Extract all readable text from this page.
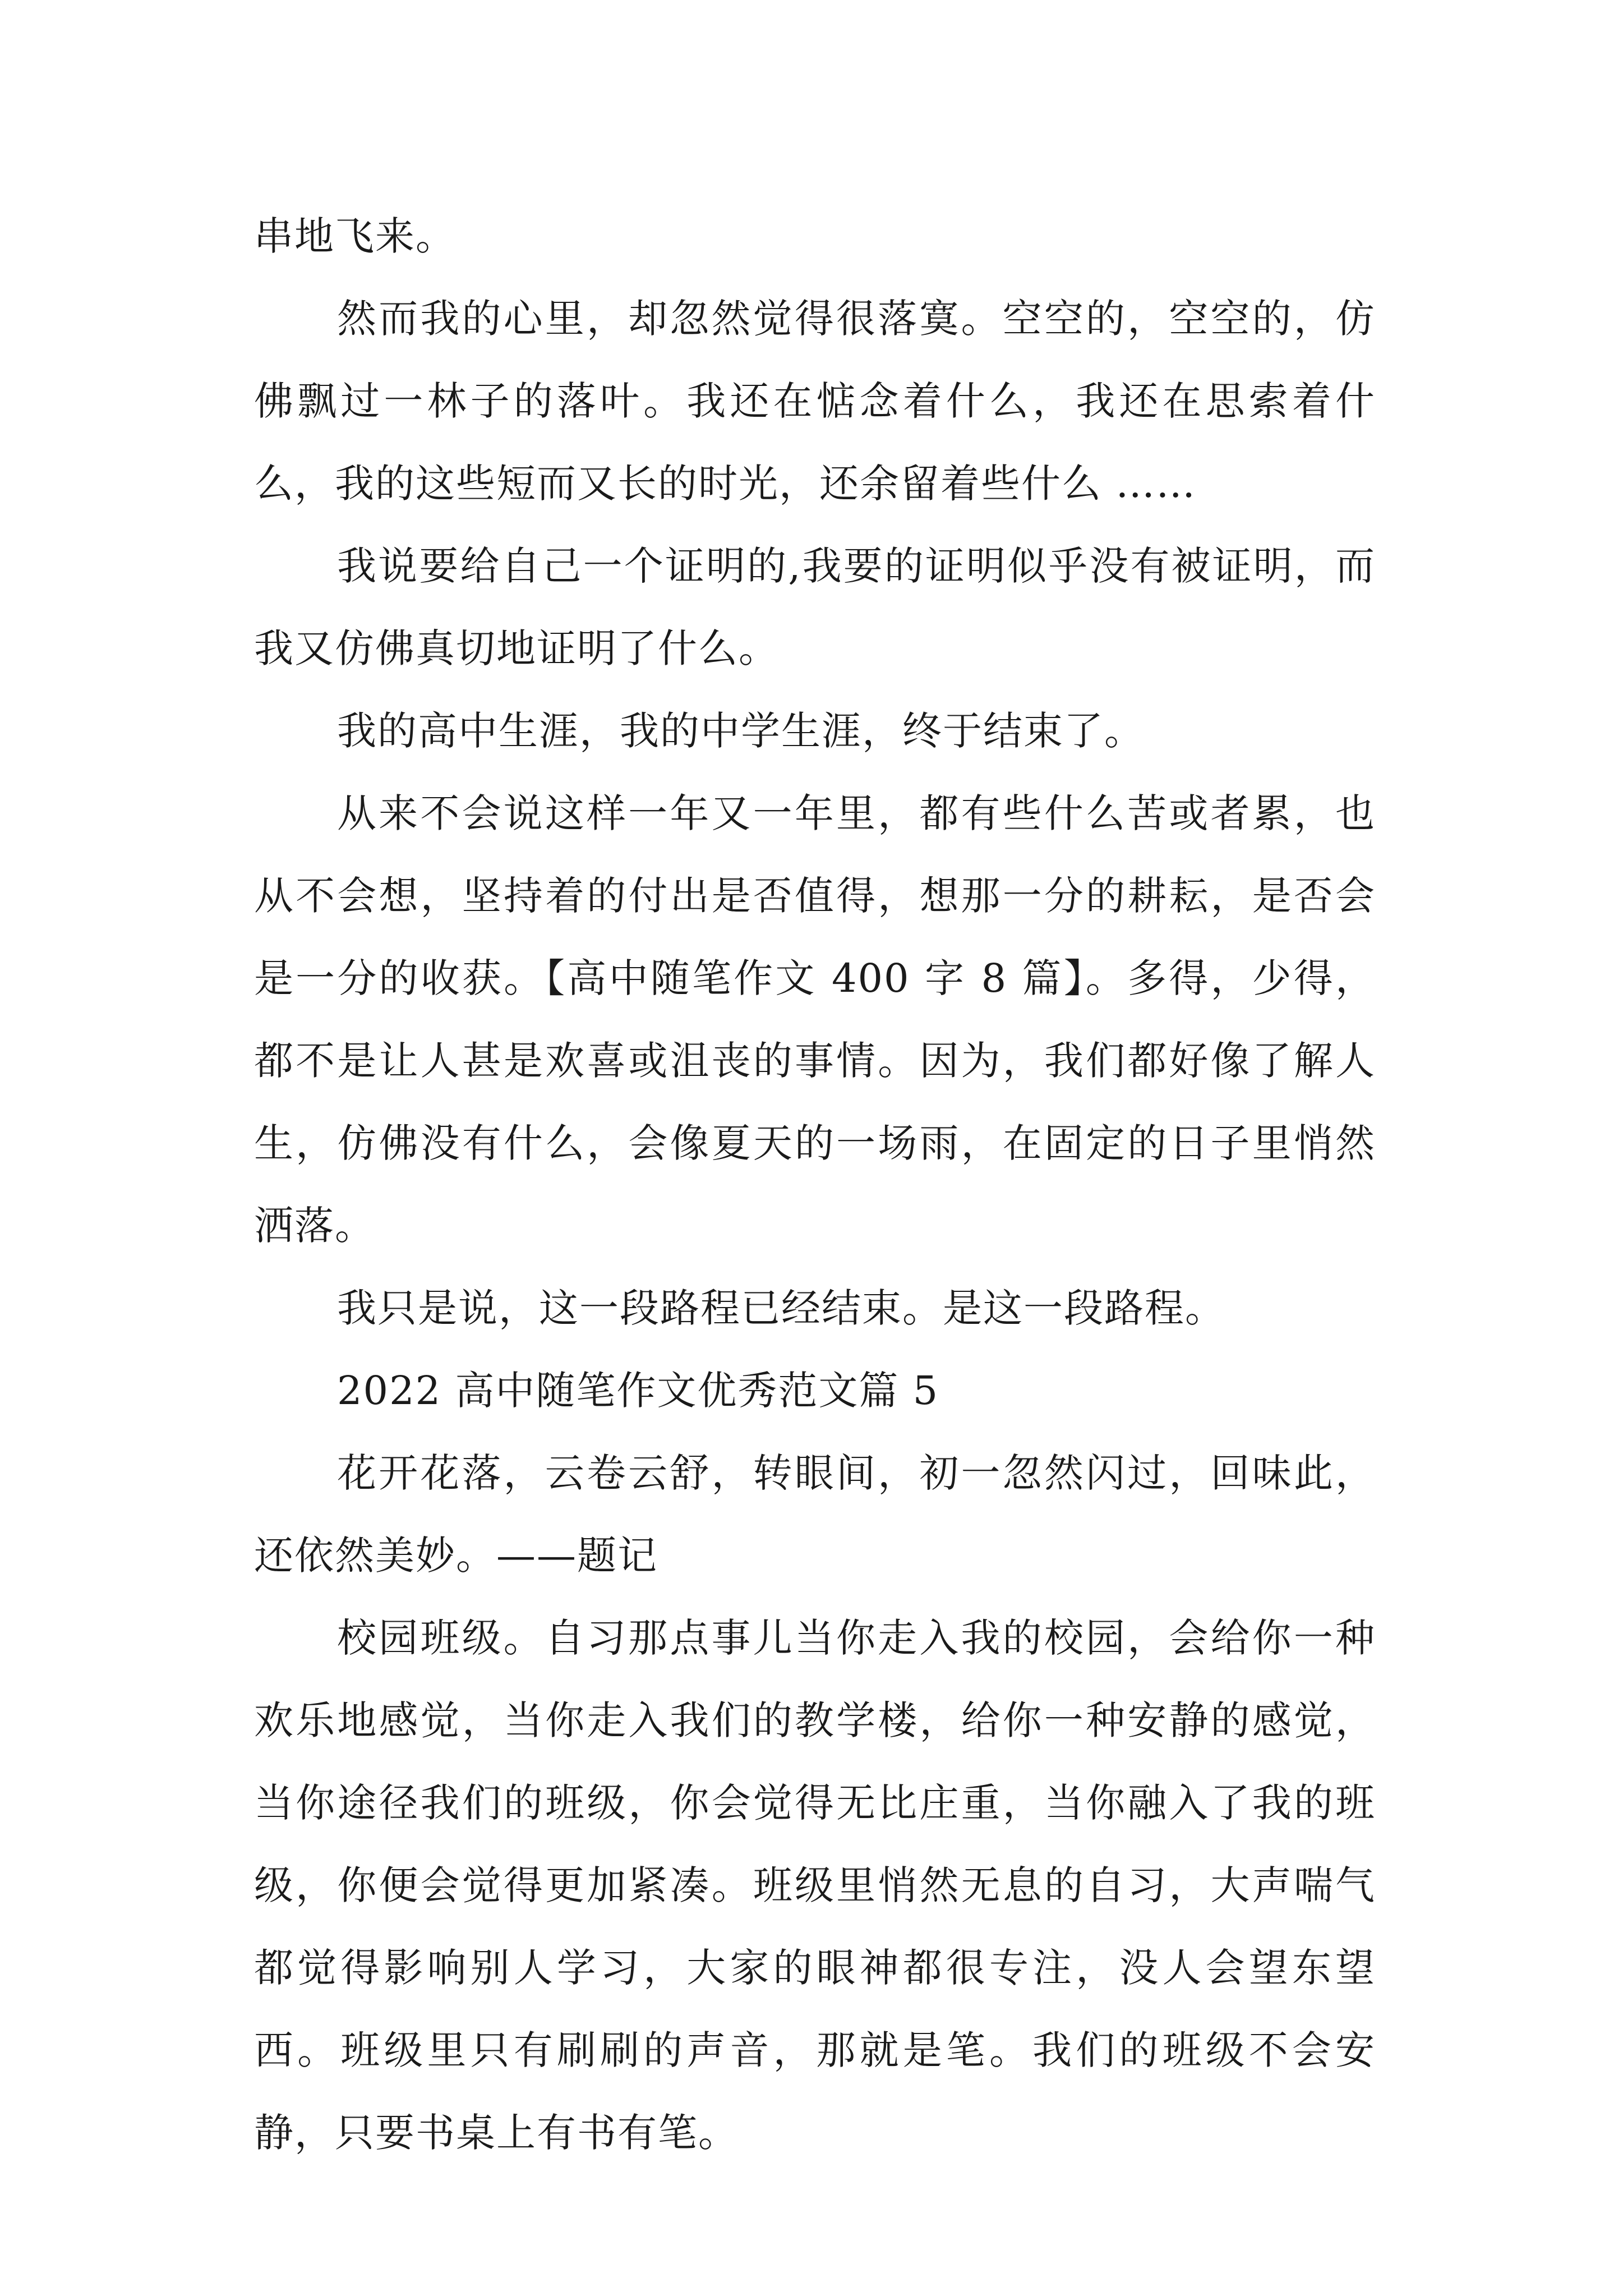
串地飞来。

然而我的心里，却忽然觉得很落寞。空空的，空空的，仿佛飘过一林子的落叶。我还在惦念着什么，我还在思索着什么，我的这些短而又长的时光，还余留着些什么 ……

我说要给自己一个证明的,我要的证明似乎没有被证明，而我又仿佛真切地证明了什么。

我的高中生涯，我的中学生涯，终于结束了。

从来不会说这样一年又一年里，都有些什么苦或者累，也从不会想，坚持着的付出是否值得，想那一分的耕耘，是否会是一分的收获。【高中随笔作文 400 字 8 篇】。多得，少得，都不是让人甚是欢喜或沮丧的事情。因为，我们都好像了解人生，仿佛没有什么，会像夏天的一场雨，在固定的日子里悄然洒落。

我只是说，这一段路程已经结束。是这一段路程。

2022 高中随笔作文优秀范文篇 5

花开花落，云卷云舒，转眼间，初一忽然闪过，回味此，还依然美妙。——题记

校园班级。自习那点事儿当你走入我的校园，会给你一种欢乐地感觉，当你走入我们的教学楼，给你一种安静的感觉，当你途径我们的班级，你会觉得无比庄重，当你融入了我的班级，你便会觉得更加紧凑。班级里悄然无息的自习，大声喘气都觉得影响别人学习，大家的眼神都很专注，没人会望东望西。班级里只有刷刷的声音，那就是笔。我们的班级不会安静，只要书桌上有书有笔。
